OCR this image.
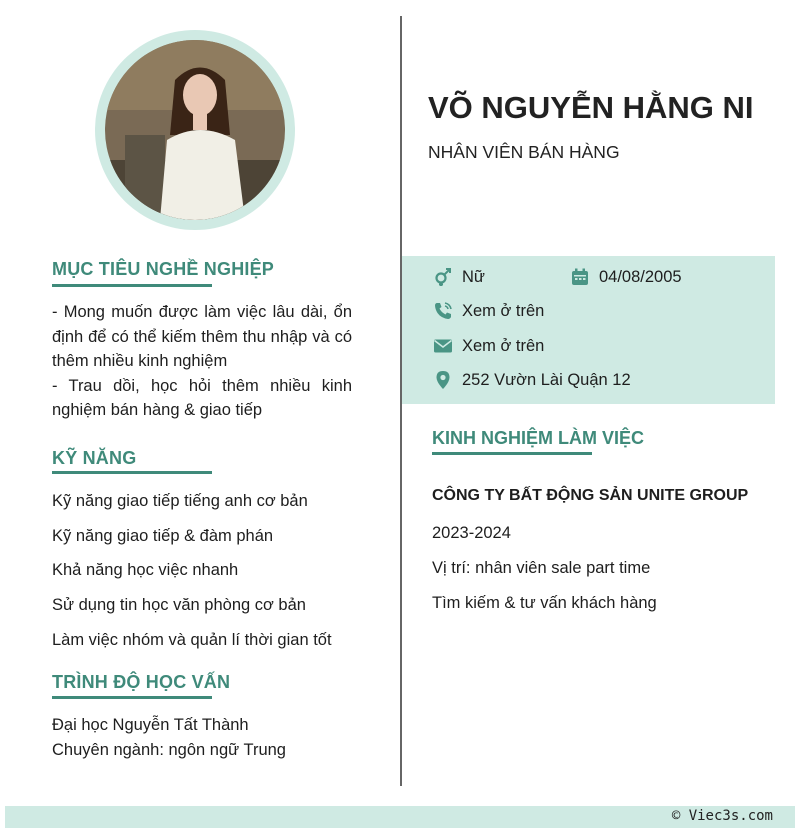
MỤC TIÊU NGHỀ NGHIỆP
- Mong muốn được làm việc lâu dài, ổn định để có thể kiếm thêm thu nhập và có thêm nhiều kinh nghiệm
- Trau dồi, học hỏi thêm nhiều kinh nghiệm bán hàng & giao tiếp
KỸ NĂNG

Kỹ năng giao tiếp tiếng anh cơ bản

Kỹ năng giao tiếp & đàm phán

Khả năng học việc nhanh

Sử dụng tin học văn phòng cơ bản

Làm việc nhóm và quản lí thời gian tốt

TRÌNH ĐỘ HỌC VẤN

Đại học Nguyễn Tất Thành

Chuyên ngành: ngôn ngữ Trung

VÕ NGUYỄN HẰNG NI

NHÂN VIÊN BÁN HÀNG

Nữ	04/08/2005
Xem ở trên
Xem ở trên
252 Vườn Lài Quận 12
KINH NGHIỆM LÀM VIỆC

CÔNG TY BẤT ĐỘNG SẢN UNITE GROUP

2023-2024

Vị trí: nhân viên sale part time

Tìm kiếm & tư vấn khách hàng

© Viec3s.com
